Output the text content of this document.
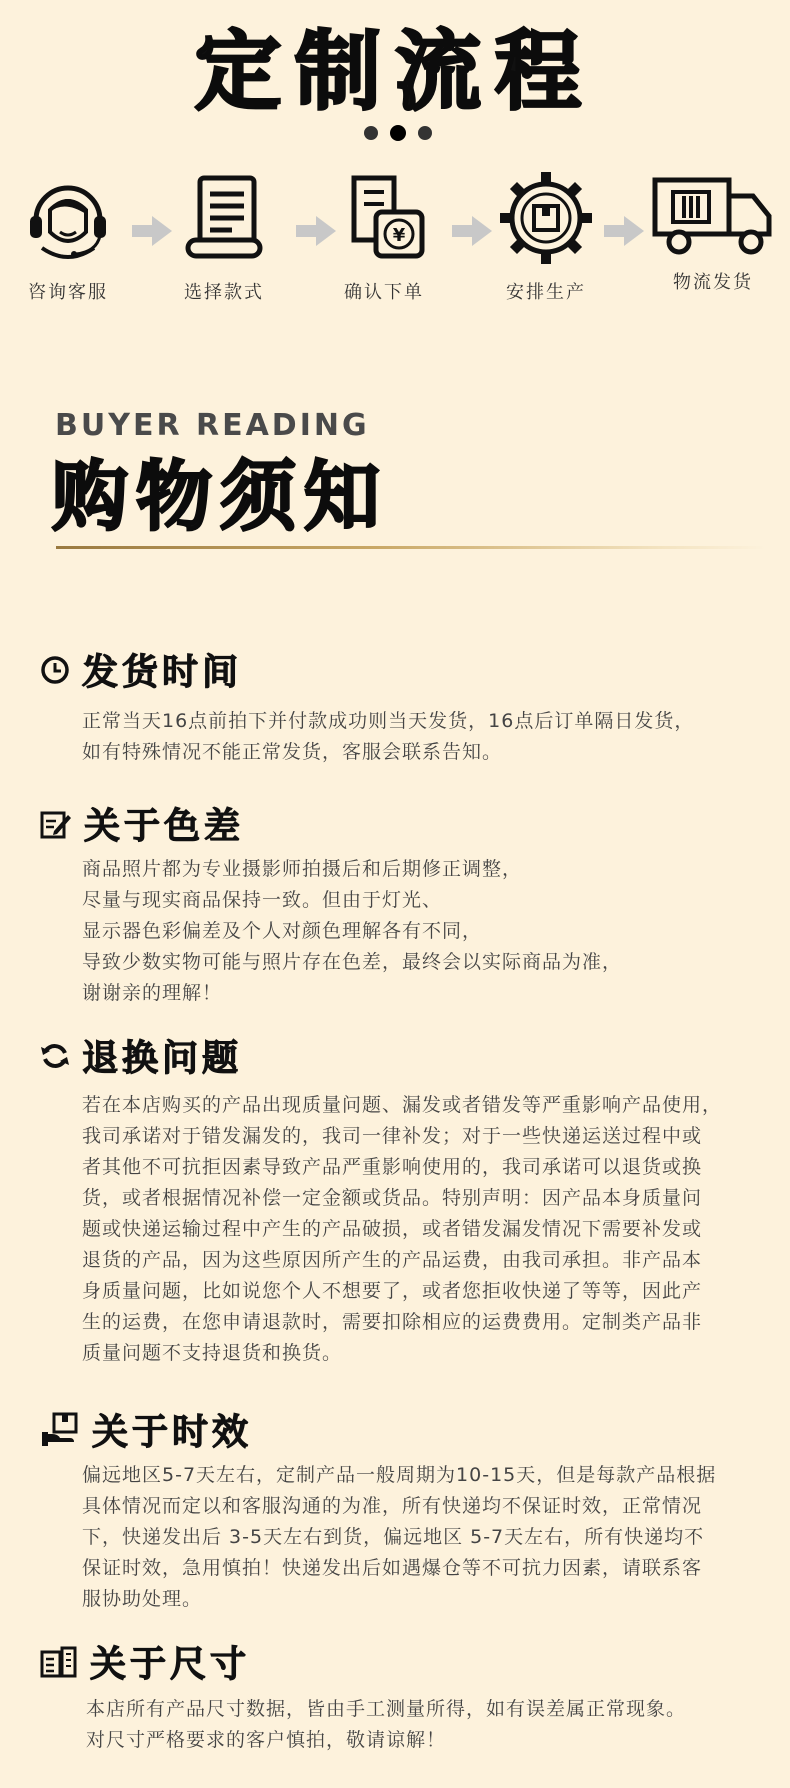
定制流程
咨询客服	选择款式
¥
确认下单	安排生产	物流发货
BUYER READING
购物须知
发货时间

正常当天16点前拍下并付款成功则当天发货，16点后订单隔日发货，

如有特殊情况不能正常发货，客服会联系告知。

关于色差

商品照片都为专业摄影师拍摄后和后期修正调整，

尽量与现实商品保持一致。但由于灯光、

显示器色彩偏差及个人对颜色理解各有不同，

导致少数实物可能与照片存在色差，最终会以实际商品为准，

谢谢亲的理解！

退换问题

若在本店购买的产品出现质量问题、漏发或者错发等严重影响产品使用，

我司承诺对于错发漏发的，我司一律补发；对于一些快递运送过程中或

者其他不可抗拒因素导致产品严重影响使用的，我司承诺可以退货或换

货，或者根据情况补偿一定金额或货品。特别声明：因产品本身质量问

题或快递运输过程中产生的产品破损，或者错发漏发情况下需要补发或

退货的产品，因为这些原因所产生的产品运费，由我司承担。非产品本

身质量问题，比如说您个人不想要了，或者您拒收快递了等等，因此产

生的运费，在您申请退款时，需要扣除相应的运费费用。定制类产品非

质量问题不支持退货和换货。

关于时效

偏远地区5-7天左右，定制产品一般周期为10-15天，但是每款产品根据

具体情况而定以和客服沟通的为准，所有快递均不保证时效，正常情况

下，快递发出后 3-5天左右到货，偏远地区 5-7天左右，所有快递均不

保证时效，急用慎拍！快递发出后如遇爆仓等不可抗力因素，请联系客

服协助处理。

关于尺寸

本店所有产品尺寸数据，皆由手工测量所得，如有误差属正常现象。

对尺寸严格要求的客户慎拍，敬请谅解！
